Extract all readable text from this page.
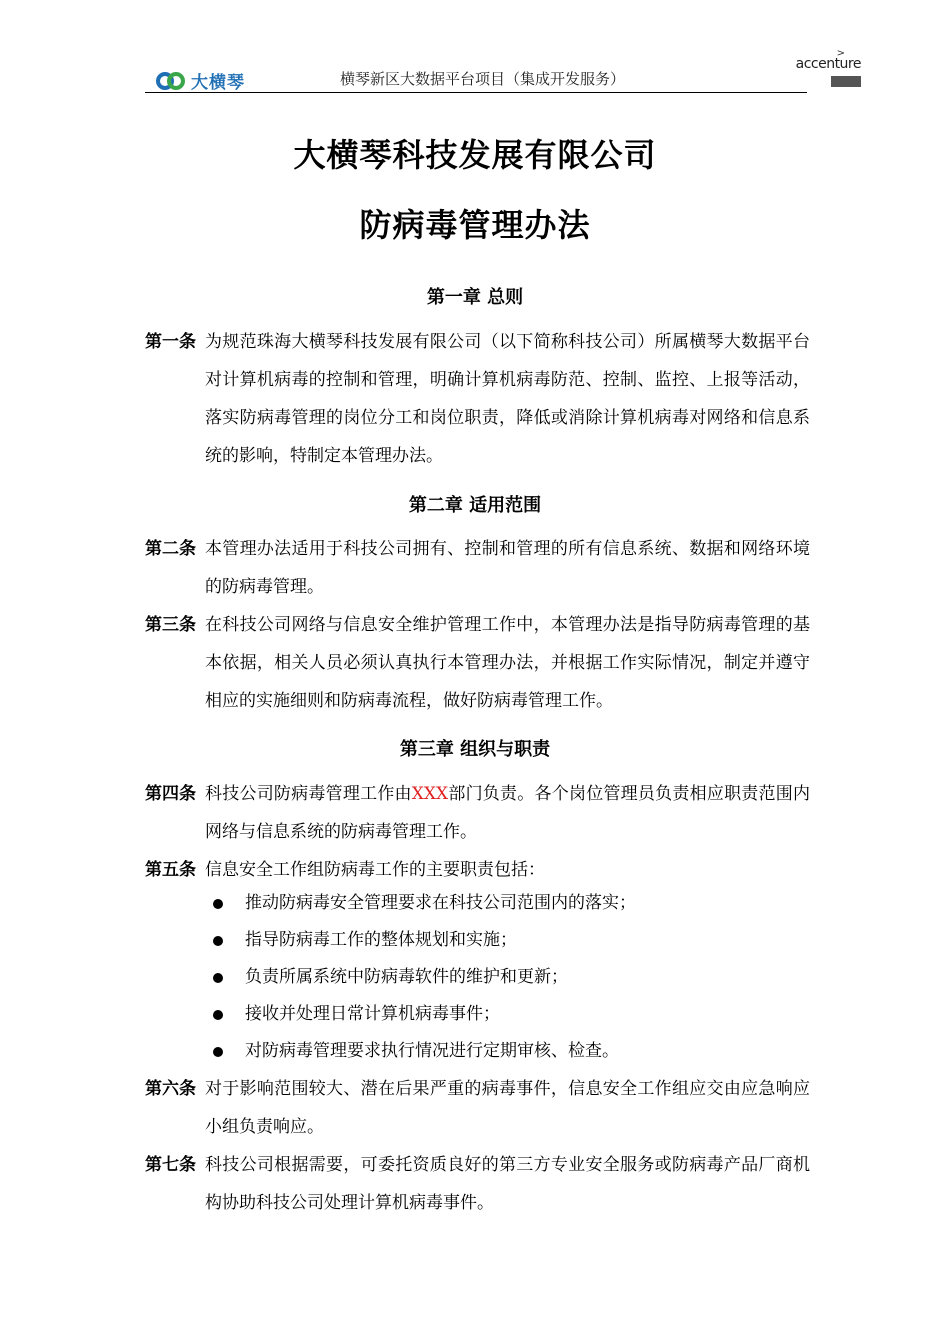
大横琴	横琴新区大数据平台项目（集成开发服务）
>
accenture
大横琴科技发展有限公司
防病毒管理办法
第一章 总则
第一条 为规范珠海大横琴科技发展有限公司（以下简称科技公司）所属横琴大数据平台对计算机病毒的控制和管理，明确计算机病毒防范、控制、监控、上报等活动，落实防病毒管理的岗位分工和岗位职责，降低或消除计算机病毒对网络和信息系统的影响，特制定本管理办法。
第二章 适用范围
第二条 本管理办法适用于科技公司拥有、控制和管理的所有信息系统、数据和网络环境的防病毒管理。
第三条 在科技公司网络与信息安全维护管理工作中，本管理办法是指导防病毒管理的基本依据，相关人员必须认真执行本管理办法，并根据工作实际情况，制定并遵守相应的实施细则和防病毒流程，做好防病毒管理工作。
第三章 组织与职责
第四条 科技公司防病毒管理工作由XXX部门负责。各个岗位管理员负责相应职责范围内网络与信息系统的防病毒管理工作。
第五条 信息安全工作组防病毒工作的主要职责包括：
推动防病毒安全管理要求在科技公司范围内的落实；
指导防病毒工作的整体规划和实施；
负责所属系统中防病毒软件的维护和更新；
接收并处理日常计算机病毒事件；
对防病毒管理要求执行情况进行定期审核、检查。
第六条 对于影响范围较大、潜在后果严重的病毒事件，信息安全工作组应交由应急响应小组负责响应。
第七条 科技公司根据需要，可委托资质良好的第三方专业安全服务或防病毒产品厂商机构协助科技公司处理计算机病毒事件。
